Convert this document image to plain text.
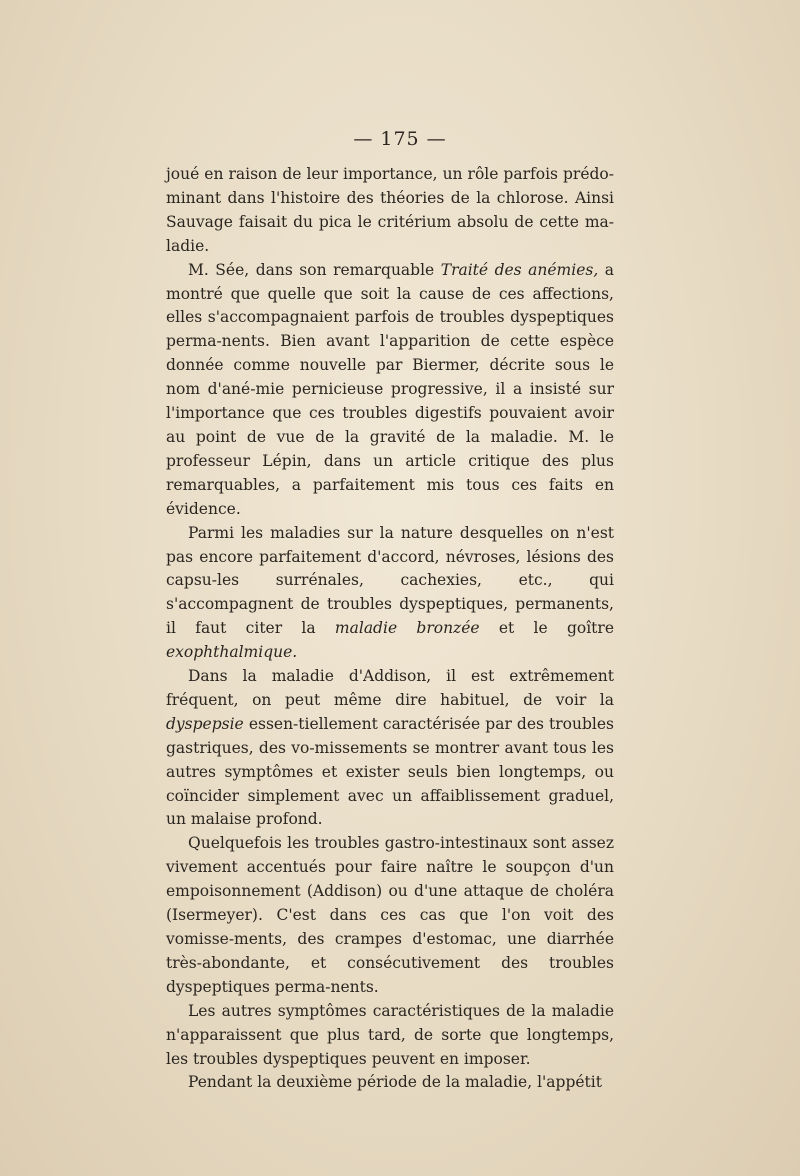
— 175 —

joué en raison de leur importance, un rôle parfois prédo-minant dans l'histoire des théories de la chlorose. Ainsi Sauvage faisait du pica le critérium absolu de cette ma-ladie.

M. Sée, dans son remarquable Traité des anémies, a montré que quelle que soit la cause de ces affections, elles s'accompagnaient parfois de troubles dyspeptiques perma-nents. Bien avant l'apparition de cette espèce donnée comme nouvelle par Biermer, décrite sous le nom d'ané-mie pernicieuse progressive, il a insisté sur l'importance que ces troubles digestifs pouvaient avoir au point de vue de la gravité de la maladie. M. le professeur Lépin, dans un article critique des plus remarquables, a parfaitement mis tous ces faits en évidence.

Parmi les maladies sur la nature desquelles on n'est pas encore parfaitement d'accord, névroses, lésions des capsu-les surrénales, cachexies, etc., qui s'accompagnent de troubles dyspeptiques, permanents, il faut citer la maladie bronzée et le goître exophthalmique.

Dans la maladie d'Addison, il est extrêmement fréquent, on peut même dire habituel, de voir la dyspepsie essen-tiellement caractérisée par des troubles gastriques, des vo-missements se montrer avant tous les autres symptômes et exister seuls bien longtemps, ou coïncider simplement avec un affaiblissement graduel, un malaise profond.

Quelquefois les troubles gastro-intestinaux sont assez vivement accentués pour faire naître le soupçon d'un empoisonnement (Addison) ou d'une attaque de choléra (Isermeyer). C'est dans ces cas que l'on voit des vomisse-ments, des crampes d'estomac, une diarrhée très-abondante, et consécutivement des troubles dyspeptiques perma-nents.

Les autres symptômes caractéristiques de la maladie n'apparaissent que plus tard, de sorte que longtemps, les troubles dyspeptiques peuvent en imposer.

Pendant la deuxième période de la maladie, l'appétit
